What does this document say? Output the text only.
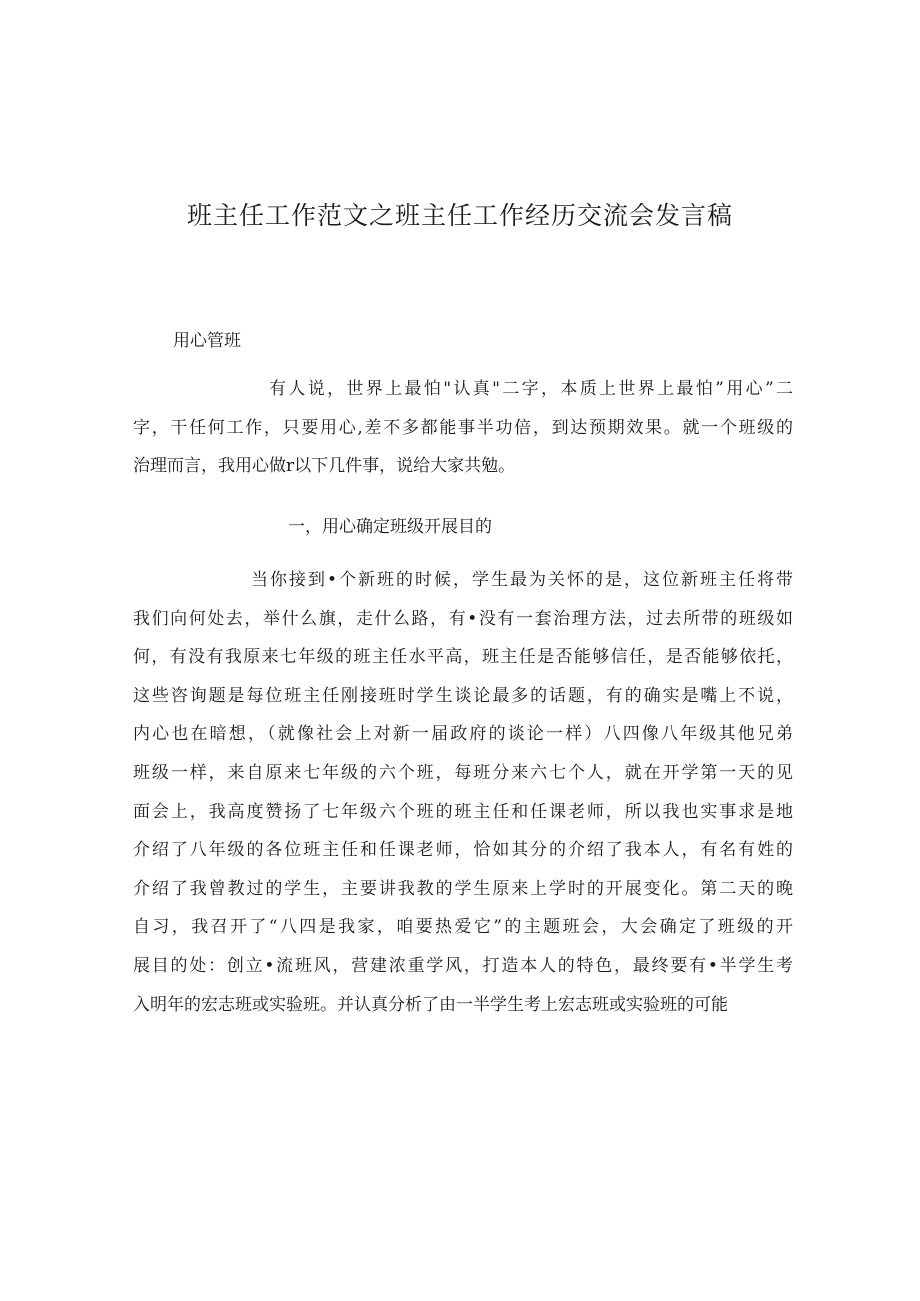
班主任工作范文之班主任工作经历交流会发言稿

用心管班

有人说，世界上最怕"认真"二字，本质上世界上最怕”用心”二
字，干任何工作，只要用心,差不多都能事半功倍，到达预期效果。就一个班级的
治理而言，我用心做r以下几件事，说给大家共勉。

一，用心确定班级开展目的

当你接到•个新班的时候，学生最为关怀的是，这位新班主任将带
我们向何处去，举什么旗，走什么路，有•没有一套治理方法，过去所带的班级如
何，有没有我原来七年级的班主任水平高，班主任是否能够信任，是否能够依托，
这些咨询题是每位班主任刚接班时学生谈论最多的话题，有的确实是嘴上不说，
内心也在暗想，（就像社会上对新一届政府的谈论一样）八四像八年级其他兄弟
班级一样，来自原来七年级的六个班，每班分来六七个人，就在开学第一天的见
面会上，我高度赞扬了七年级六个班的班主任和任课老师，所以我也实事求是地
介绍了八年级的各位班主任和任课老师，恰如其分的介绍了我本人，有名有姓的
介绍了我曾教过的学生，主要讲我教的学生原来上学时的开展变化。第二天的晚
自习，我召开了“八四是我家，咱要热爱它”的主题班会，大会确定了班级的开
展目的处：创立•流班风，营建浓重学风，打造本人的特色，最终要有•半学生考
入明年的宏志班或实验班。并认真分析了由一半学生考上宏志班或实验班的可能
